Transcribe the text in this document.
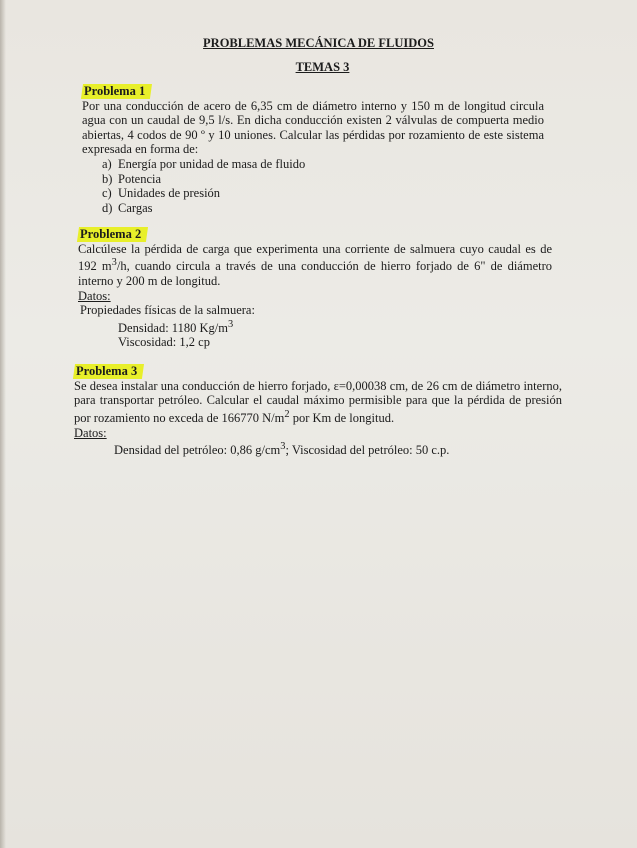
PROBLEMAS MECÁNICA DE FLUIDOS
TEMAS 3
Problema 1
Por una conducción de acero de 6,35 cm de diámetro interno y 150 m de longitud circula agua con un caudal de 9,5 l/s. En dicha conducción existen 2 válvulas de compuerta medio abiertas, 4 codos de 90 º y 10 uniones. Calcular las pérdidas por rozamiento de este sistema expresada en forma de:
a) Energía por unidad de masa de fluido
b) Potencia
c) Unidades de presión
d) Cargas
Problema 2
Calcúlese la pérdida de carga que experimenta una corriente de salmuera cuyo caudal es de 192 $m^3/h$, cuando circula a través de una conducción de hierro forjado de 6" de diámetro interno y 200 m de longitud.
Datos:
Propiedades físicas de la salmuera:
Densidad: 1180 $Kg/m^3$
Viscosidad: 1,2 cp
Problema 3
Se desea instalar una conducción de hierro forjado, ε=0,00038 cm, de 26 cm de diámetro interno, para transportar petróleo. Calcular el caudal máximo permisible para que la pérdida de presión por rozamiento no exceda de 166770 $N/m^2$ por Km de longitud.
Datos:
Densidad del petróleo: 0,86 $g/cm^3$; Viscosidad del petróleo: 50 c.p.
